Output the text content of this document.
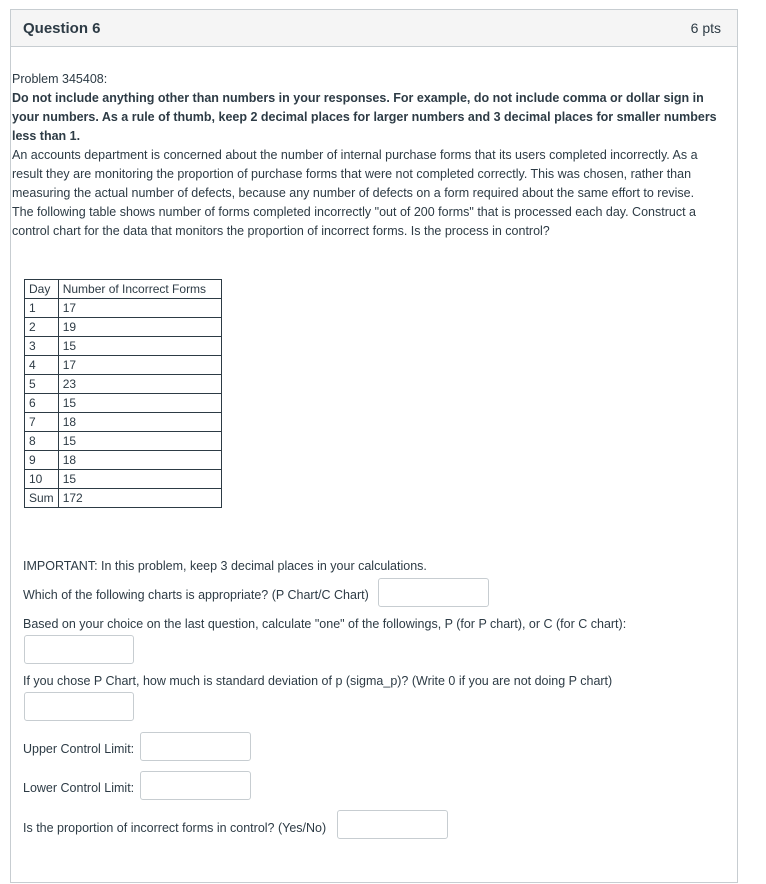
Question 6	6 pts

Problem 345408:

Do not include anything other than numbers in your responses. For example, do not include comma or dollar sign in your numbers. As a rule of thumb, keep 2 decimal places for larger numbers and 3 decimal places for smaller numbers less than 1.

An accounts department is concerned about the number of internal purchase forms that its users completed incorrectly. As a result they are monitoring the proportion of purchase forms that were not completed correctly. This was chosen, rather than measuring the actual number of defects, because any number of defects on a form required about the same effort to revise. The following table shows number of forms completed incorrectly "out of 200 forms" that is processed each day. Construct a control chart for the data that monitors the proportion of incorrect forms. Is the process in control?

Day	Number of Incorrect Forms
1	17
2	19
3	15
4	17
5	23
6	15
7	18
8	15
9	18
10	15
Sum	172
IMPORTANT: In this problem, keep 3 decimal places in your calculations.
Which of the following charts is appropriate? (P Chart/C Chart)
Based on your choice on the last question, calculate "one" of the followings, P (for P chart), or C (for C chart):
If you chose P Chart, how much is standard deviation of p (sigma_p)? (Write 0 if you are not doing P chart)
Upper Control Limit:
Lower Control Limit:
Is the proportion of incorrect forms in control? (Yes/No)
